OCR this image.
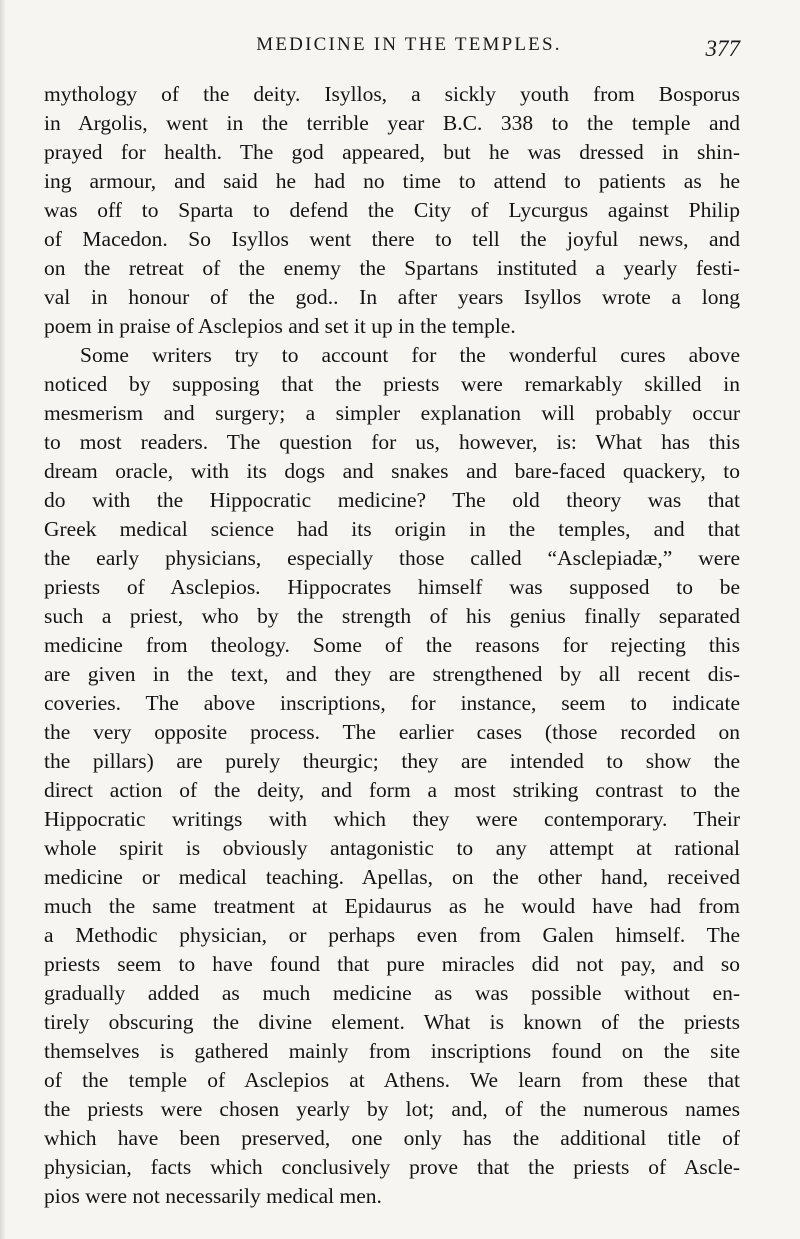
MEDICINE IN THE TEMPLES.	377
mythology of the deity. Isyllos, a sickly youth from Bosporus
in Argolis, went in the terrible year B.C. 338 to the temple and
prayed for health. The god appeared, but he was dressed in shin-
ing armour, and said he had no time to attend to patients as he
was off to Sparta to defend the City of Lycurgus against Philip
of Macedon. So Isyllos went there to tell the joyful news, and
on the retreat of the enemy the Spartans instituted a yearly festi-
val in honour of the god.. In after years Isyllos wrote a long
poem in praise of Asclepios and set it up in the temple.
Some writers try to account for the wonderful cures above
noticed by supposing that the priests were remarkably skilled in
mesmerism and surgery; a simpler explanation will probably occur
to most readers. The question for us, however, is: What has this
dream oracle, with its dogs and snakes and bare-faced quackery, to
do with the Hippocratic medicine? The old theory was that
Greek medical science had its origin in the temples, and that
the early physicians, especially those called “Asclepiadæ,” were
priests of Asclepios. Hippocrates himself was supposed to be
such a priest, who by the strength of his genius finally separated
medicine from theology. Some of the reasons for rejecting this
are given in the text, and they are strengthened by all recent dis-
coveries. The above inscriptions, for instance, seem to indicate
the very opposite process. The earlier cases (those recorded on
the pillars) are purely theurgic; they are intended to show the
direct action of the deity, and form a most striking contrast to the
Hippocratic writings with which they were contemporary. Their
whole spirit is obviously antagonistic to any attempt at rational
medicine or medical teaching. Apellas, on the other hand, received
much the same treatment at Epidaurus as he would have had from
a Methodic physician, or perhaps even from Galen himself. The
priests seem to have found that pure miracles did not pay, and so
gradually added as much medicine as was possible without en-
tirely obscuring the divine element. What is known of the priests
themselves is gathered mainly from inscriptions found on the site
of the temple of Asclepios at Athens. We learn from these that
the priests were chosen yearly by lot; and, of the numerous names
which have been preserved, one only has the additional title of
physician, facts which conclusively prove that the priests of Ascle-
pios were not necessarily medical men.
